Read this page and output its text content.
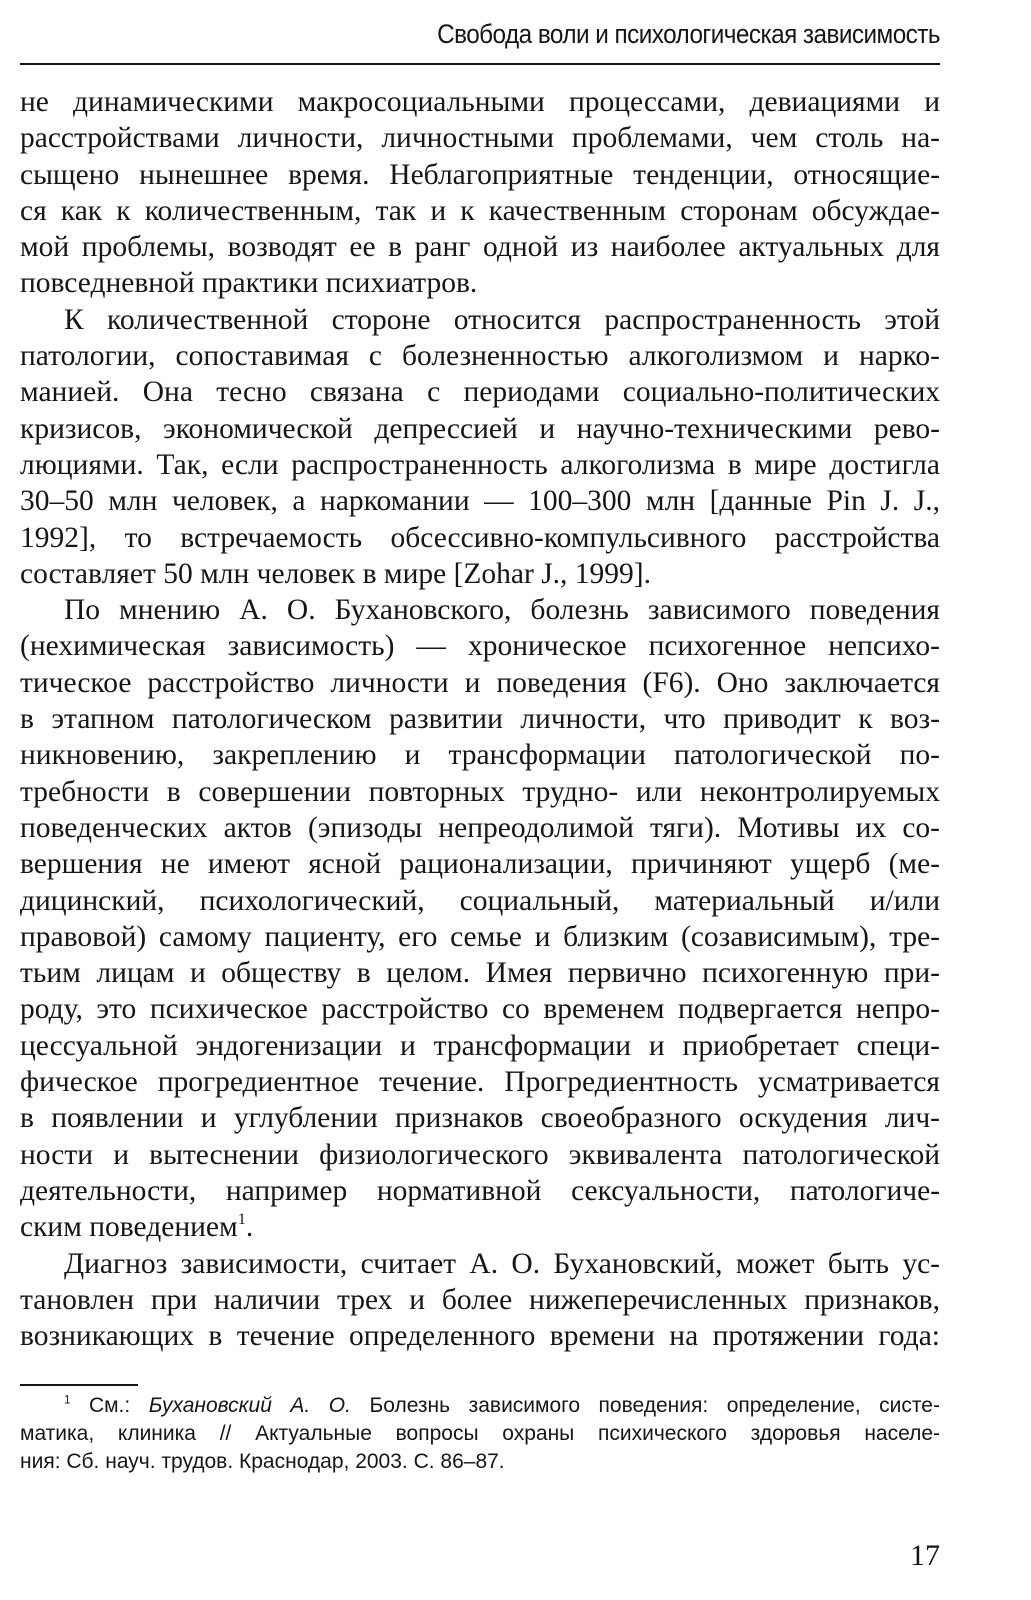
Свобода воли и психологическая зависимость
не динамическими макросоциальными процессами, девиациями и
расстройствами личности, личностными проблемами, чем столь на-
сыщено нынешнее время. Неблагоприятные тенденции, относящие-
ся как к количественным, так и к качественным сторонам обсуждае-
мой проблемы, возводят ее в ранг одной из наиболее актуальных для
повседневной практики психиатров.
К количественной стороне относится распространенность этой
патологии, сопоставимая с болезненностью алкоголизмом и нарко-
манией. Она тесно связана с периодами социально-политических
кризисов, экономической депрессией и научно-техническими рево-
люциями. Так, если распространенность алкоголизма в мире достигла
30–50 млн человек, а наркомании — 100–300 млн [данные Pin J. J.,
1992], то встречаемость обсессивно-компульсивного расстройства
составляет 50 млн человек в мире [Zohar J., 1999].
По мнению А. О. Бухановского, болезнь зависимого поведения
(нехимическая зависимость) — хроническое психогенное непсихо-
тическое расстройство личности и поведения (F6). Оно заключается
в этапном патологическом развитии личности, что приводит к воз-
никновению, закреплению и трансформации патологической по-
требности в совершении повторных трудно- или неконтролируемых
поведенческих актов (эпизоды непреодолимой тяги). Мотивы их со-
вершения не имеют ясной рационализации, причиняют ущерб (ме-
дицинский, психологический, социальный, материальный и/или
правовой) самому пациенту, его семье и близким (созависимым), тре-
тьим лицам и обществу в целом. Имея первично психогенную при-
роду, это психическое расстройство со временем подвергается непро-
цессуальной эндогенизации и трансформации и приобретает специ-
фическое прогредиентное течение. Прогредиентность усматривается
в появлении и углублении признаков своеобразного оскудения лич-
ности и вытеснении физиологического эквивалента патологической
деятельности, например нормативной сексуальности, патологиче-
ским поведением$^1$.
Диагноз зависимости, считает А. О. Бухановский, может быть ус-
тановлен при наличии трех и более нижеперечисленных признаков,
возникающих в течение определенного времени на протяжении года:
$^1$ См.: Бухановский А. О. Болезнь зависимого поведения: определение, систе-
матика, клиника // Актуальные вопросы охраны психического здоровья населе-
ния: Сб. науч. трудов. Краснодар, 2003. С. 86–87.
17
